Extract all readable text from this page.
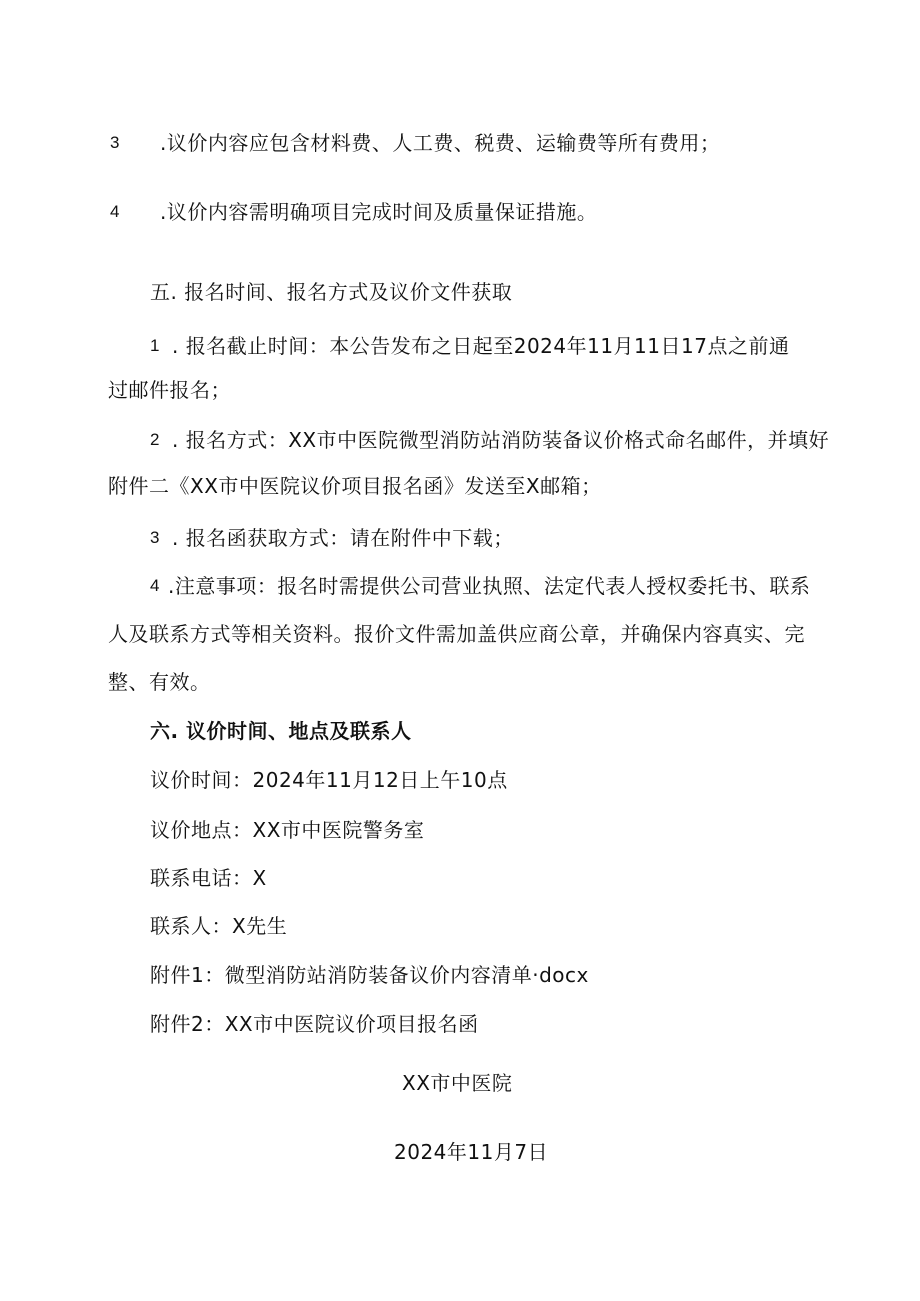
3 .议价内容应包含材料费、人工费、税费、运输费等所有费用；
4 .议价内容需明确项目完成时间及质量保证措施。
五. 报名时间、报名方式及议价文件获取
1 . 报名截止时间：本公告发布之日起至2024年11月11日17点之前通
过邮件报名；
2 . 报名方式：XX市中医院微型消防站消防装备议价格式命名邮件，并填好
附件二《XX市中医院议价项目报名函》发送至X邮箱；
3 . 报名函获取方式：请在附件中下载；
4 .注意事项：报名时需提供公司营业执照、法定代表人授权委托书、联系
人及联系方式等相关资料。报价文件需加盖供应商公章，并确保内容真实、完
整、有效。
六. 议价时间、地点及联系人
议价时间：2024年11月12日上午10点
议价地点：XX市中医院警务室
联系电话：X
联系人：X先生
附件1：微型消防站消防装备议价内容清单·docx
附件2：XX市中医院议价项目报名函
XX市中医院
2024年11月7日
